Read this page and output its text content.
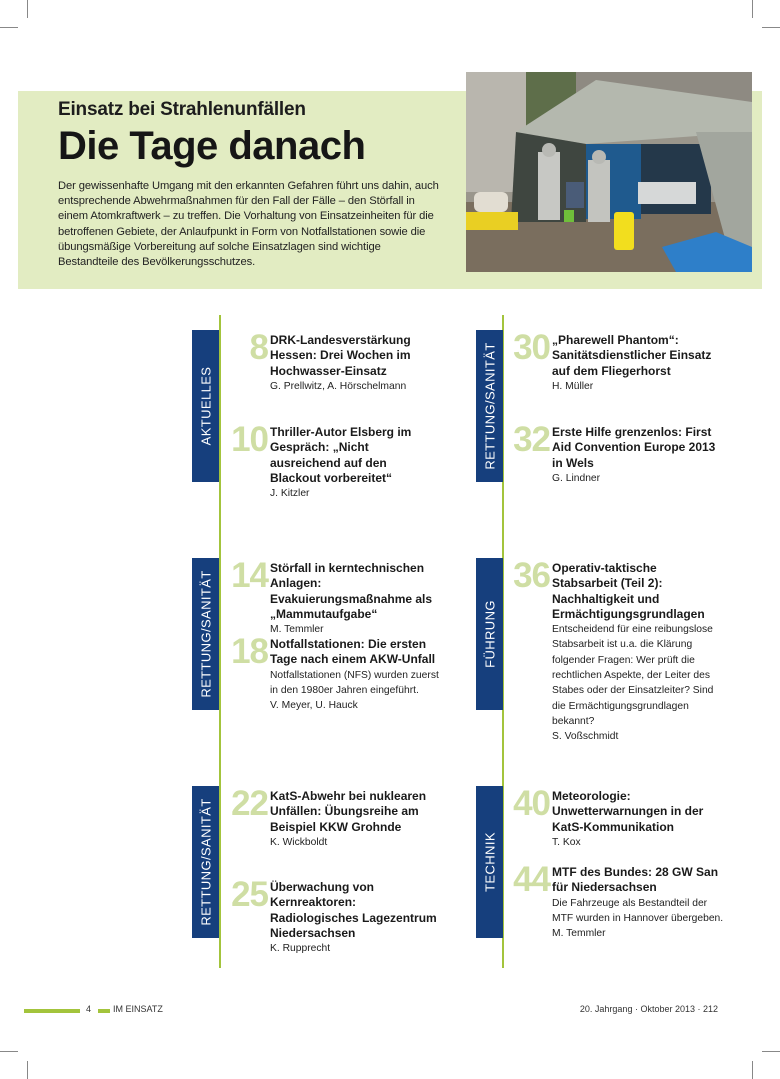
Einsatz bei Strahlenunfällen
Die Tage danach
Der gewissenhafte Umgang mit den erkannten Gefahren führt uns dahin, auch entsprechende Abwehrmaßnahmen für den Fall der Fälle – den Störfall in einem Atomkraftwerk – zu treffen. Die Vorhaltung von Einsatzeinheiten für die betroffenen Gebiete, der Anlaufpunkt in Form von Notfallstationen sowie die übungsmäßige Vorbereitung auf solche Einsatzlagen sind wichtige Bestandteile des Bevölkerungsschutzes.
AKTUELLES	RETTUNG/SANITÄT
RETTUNG/SANITÄT	FÜHRUNG
RETTUNG/SANITÄT	TECHNIK
8 DRK-Landesverstärkung Hessen: Drei Wochen im Hochwasser-Einsatz
G. Prellwitz, A. Hörschelmann
10 Thriller-Autor Elsberg im Gespräch: „Nicht ausreichend auf den Blackout vorbereitet“
J. Kitzler
14 Störfall in kerntechnischen Anlagen: Evakuierungsmaßnahme als „Mammutaufgabe“
M. Temmler
18 Notfallstationen: Die ersten Tage nach einem AKW-Unfall
Notfallstationen (NFS) wurden zuerst in den 1980er Jahren eingeführt.
V. Meyer, U. Hauck
22 KatS-Abwehr bei nuklearen Unfällen: Übungsreihe am Beispiel KKW Grohnde
K. Wickboldt
25 Überwachung von Kernreaktoren: Radiologisches Lagezentrum Niedersachsen
K. Rupprecht
30 „Pharewell Phantom“: Sanitätsdienstlicher Einsatz auf dem Fliegerhorst
H. Müller
32 Erste Hilfe grenzenlos: First Aid Convention Europe 2013 in Wels
G. Lindner
36 Operativ-taktische Stabsarbeit (Teil 2): Nachhaltigkeit und Ermächtigungsgrundlagen
Entscheidend für eine reibungslose Stabsarbeit ist u.a. die Klärung folgender Fragen: Wer prüft die rechtlichen Aspekte, der Leiter des Stabes oder der Einsatzleiter? Sind die Ermächtigungsgrundlagen bekannt?
S. Voßschmidt
40 Meteorologie: Unwetterwarnungen in der KatS-Kommunikation
T. Kox
44 MTF des Bundes: 28 GW San für Niedersachsen
Die Fahrzeuge als Bestandteil der MTF wurden in Hannover übergeben.
M. Temmler
4 IM EINSATZ	20. Jahrgang · Oktober 2013 · 212
